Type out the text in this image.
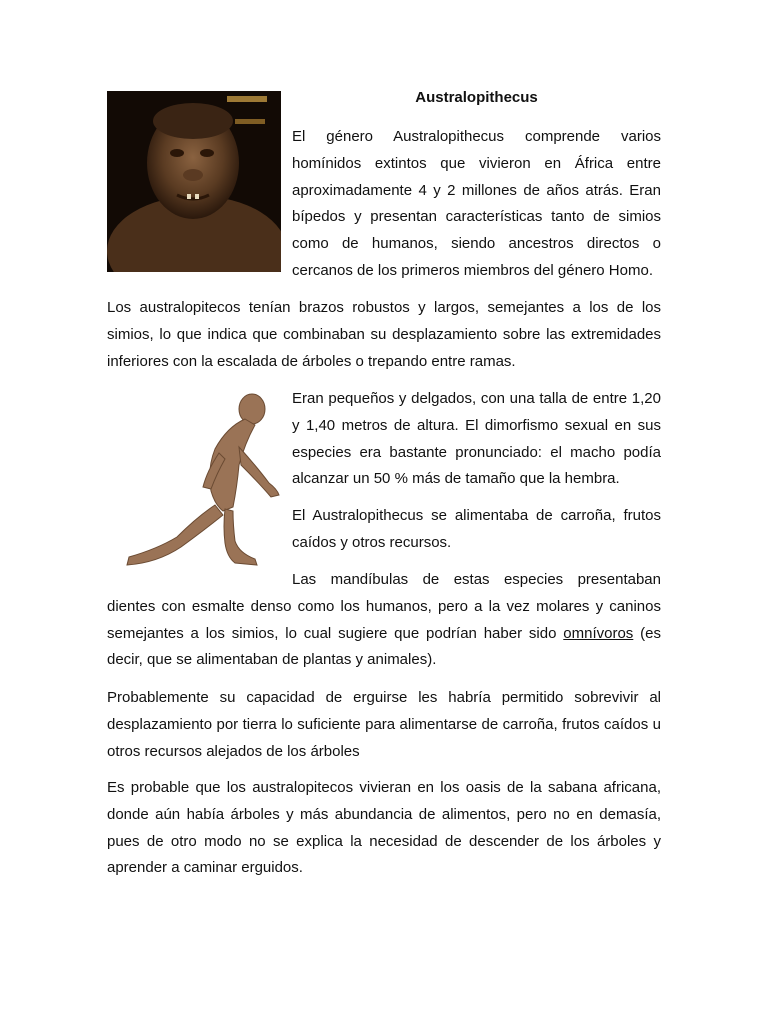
Australopithecus

El género Australopithecus comprende varios homínidos extintos que vivieron en África entre aproximadamente 4 y 2 millones de años atrás. Eran bípedos y presentan características tanto de simios como de humanos, siendo ancestros directos o cercanos de los primeros miembros del género Homo.

Los australopitecos tenían brazos robustos y largos, semejantes a los de los simios, lo que indica que combinaban su desplazamiento sobre las extremidades inferiores con la escalada de árboles o trepando entre ramas.

Eran pequeños y delgados, con una talla de entre 1,20 y 1,40 metros de altura. El dimorfismo sexual en sus especies era bastante pronunciado: el macho podía alcanzar un 50 % más de tamaño que la hembra.

El Australopithecus se alimentaba de carroña, frutos caídos y otros recursos.

Las mandíbulas de estas especies presentaban dientes con esmalte denso como los humanos, pero a la vez molares y caninos semejantes a los simios, lo cual sugiere que podrían haber sido omnívoros (es decir, que se alimentaban de plantas y animales).

Probablemente su capacidad de erguirse les habría permitido sobrevivir al desplazamiento por tierra lo suficiente para alimentarse de carroña, frutos caídos u otros recursos alejados de los árboles

Es probable que los australopitecos vivieran en los oasis de la sabana africana, donde aún había árboles y más abundancia de alimentos, pero no en demasía, pues de otro modo no se explica la necesidad de descender de los árboles y aprender a caminar erguidos.
